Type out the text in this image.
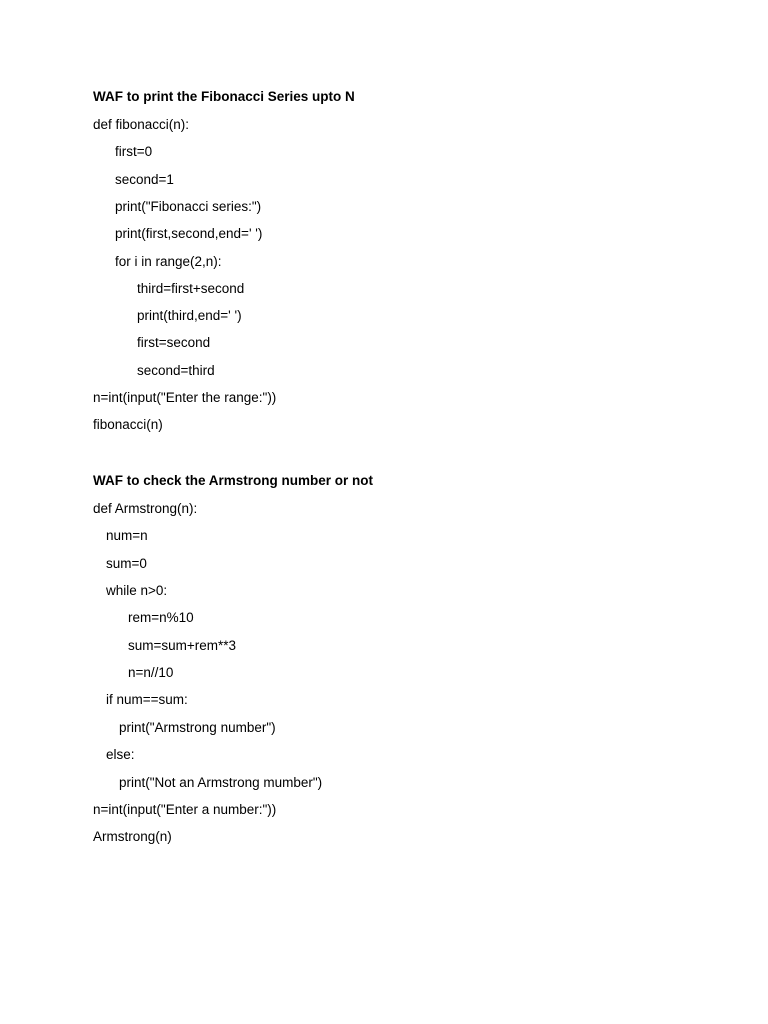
WAF to print the Fibonacci Series upto N
def fibonacci(n):
first=0
second=1
print("Fibonacci series:")
print(first,second,end=' ')
for i in range(2,n):
third=first+second
print(third,end=' ')
first=second
second=third
n=int(input("Enter the range:"))
fibonacci(n)
WAF to check the Armstrong number or not
def Armstrong(n):
num=n
sum=0
while n>0:
rem=n%10
sum=sum+rem**3
n=n//10
if num==sum:
print("Armstrong number")
else:
print("Not an Armstrong mumber")
n=int(input("Enter a number:"))
Armstrong(n)
